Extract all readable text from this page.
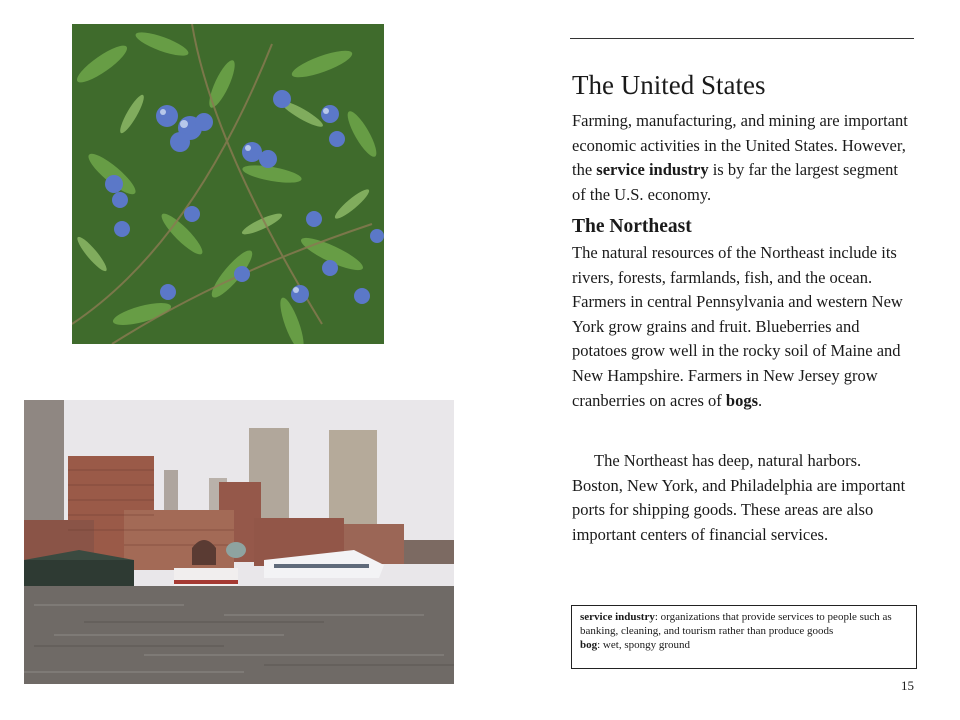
The United States

Farming, manufacturing, and mining are important economic activities in the United States. However, the service industry is by far the largest segment of the U.S. economy.

The Northeast

The natural resources of the Northeast include its rivers, forests, farmlands, fish, and the ocean. Farmers in central Pennsylvania and western New York grow grains and fruit. Blueberries and potatoes grow well in the rocky soil of Maine and New Hampshire. Farmers in New Jersey grow cranberries on acres of bogs.

The Northeast has deep, natural harbors. Boston, New York, and Philadelphia are important ports for shipping goods. These areas are also important centers of financial services.

service industry: organizations that provide services to people such as banking, cleaning, and tourism rather than produce goods
bog: wet, spongy ground
15
